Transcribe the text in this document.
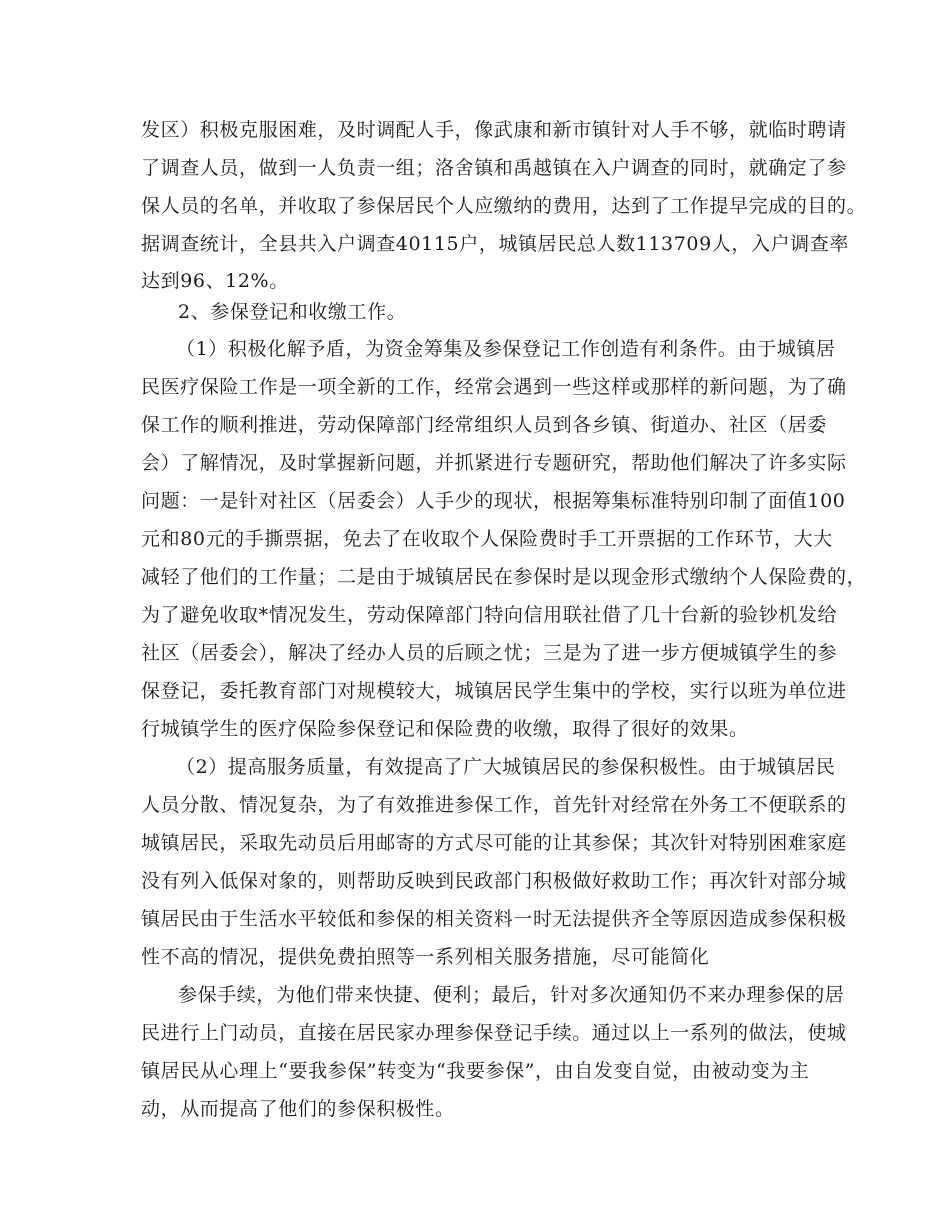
发区）积极克服困难，及时调配人手，像武康和新市镇针对人手不够，就临时聘请
了调查人员，做到一人负责一组；洛舍镇和禹越镇在入户调查的同时，就确定了参
保人员的名单，并收取了参保居民个人应缴纳的费用，达到了工作提早完成的目的。
据调查统计，全县共入户调查40115户，城镇居民总人数113709人，入户调查率
达到96、12%。
2、参保登记和收缴工作。
（1）积极化解予盾，为资金筹集及参保登记工作创造有利条件。由于城镇居
民医疗保险工作是一项全新的工作，经常会遇到一些这样或那样的新问题，为了确
保工作的顺利推进，劳动保障部门经常组织人员到各乡镇、街道办、社区（居委
会）了解情况，及时掌握新问题，并抓紧进行专题研究，帮助他们解决了许多实际
问题：一是针对社区（居委会）人手少的现状，根据筹集标准特别印制了面值100
元和80元的手撕票据，免去了在收取个人保险费时手工开票据的工作环节，大大
减轻了他们的工作量；二是由于城镇居民在参保时是以现金形式缴纳个人保险费的，
为了避免收取*情况发生，劳动保障部门特向信用联社借了几十台新的验钞机发给
社区（居委会），解决了经办人员的后顾之忧；三是为了进一步方便城镇学生的参
保登记，委托教育部门对规模较大，城镇居民学生集中的学校，实行以班为单位进
行城镇学生的医疗保险参保登记和保险费的收缴，取得了很好的效果。
（2）提高服务质量，有效提高了广大城镇居民的参保积极性。由于城镇居民
人员分散、情况复杂，为了有效推进参保工作，首先针对经常在外务工不便联系的
城镇居民，采取先动员后用邮寄的方式尽可能的让其参保；其次针对特别困难家庭
没有列入低保对象的，则帮助反映到民政部门积极做好救助工作；再次针对部分城
镇居民由于生活水平较低和参保的相关资料一时无法提供齐全等原因造成参保积极
性不高的情况，提供免费拍照等一系列相关服务措施，尽可能简化
参保手续，为他们带来快捷、便利；最后，针对多次通知仍不来办理参保的居
民进行上门动员，直接在居民家办理参保登记手续。通过以上一系列的做法，使城
镇居民从心理上“要我参保”转变为“我要参保”，由自发变自觉，由被动变为主
动，从而提高了他们的参保积极性。
